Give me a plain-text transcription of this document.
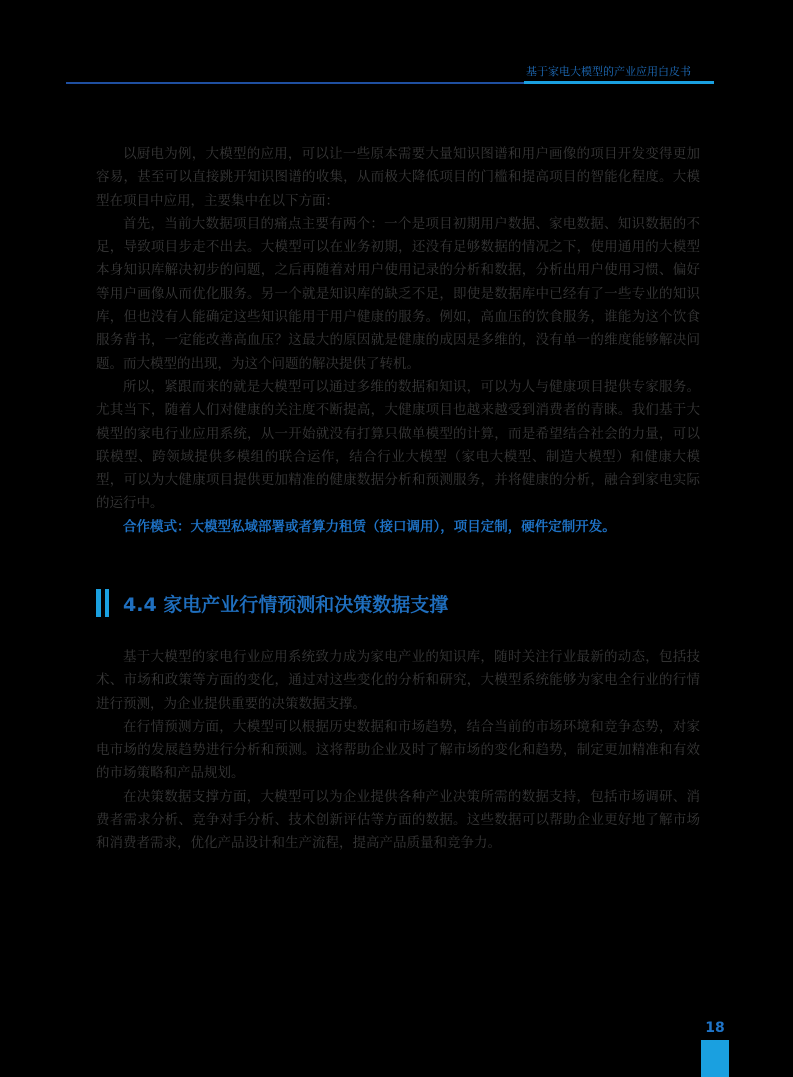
基于家电大模型的产业应用白皮书

以厨电为例，大模型的应用，可以让一些原本需要大量知识图谱和用户画像的项目开发变得更加容易，甚至可以直接跳开知识图谱的收集，从而极大降低项目的门槛和提高项目的智能化程度。大模型在项目中应用，主要集中在以下方面：

首先，当前大数据项目的痛点主要有两个：一个是项目初期用户数据、家电数据、知识数据的不足，导致项目步走不出去。大模型可以在业务初期，还没有足够数据的情况之下，使用通用的大模型本身知识库解决初步的问题，之后再随着对用户使用记录的分析和数据，分析出用户使用习惯、偏好等用户画像从而优化服务。另一个就是知识库的缺乏不足，即使是数据库中已经有了一些专业的知识库，但也没有人能确定这些知识能用于用户健康的服务。例如，高血压的饮食服务，谁能为这个饮食服务背书，一定能改善高血压？这最大的原因就是健康的成因是多维的，没有单一的维度能够解决问题。而大模型的出现，为这个问题的解决提供了转机。

所以，紧跟而来的就是大模型可以通过多维的数据和知识，可以为人与健康项目提供专家服务。尤其当下，随着人们对健康的关注度不断提高，大健康项目也越来越受到消费者的青睐。我们基于大模型的家电行业应用系统，从一开始就没有打算只做单模型的计算，而是希望结合社会的力量，可以联模型、跨领域提供多模组的联合运作，结合行业大模型（家电大模型、制造大模型）和健康大模型，可以为大健康项目提供更加精准的健康数据分析和预测服务，并将健康的分析，融合到家电实际的运行中。

合作模式：大模型私域部署或者算力租赁（接口调用），项目定制，硬件定制开发。

4.4 家电产业行情预测和决策数据支撑

基于大模型的家电行业应用系统致力成为家电产业的知识库，随时关注行业最新的动态，包括技术、市场和政策等方面的变化，通过对这些变化的分析和研究，大模型系统能够为家电全行业的行情进行预测，为企业提供重要的决策数据支撑。

在行情预测方面，大模型可以根据历史数据和市场趋势，结合当前的市场环境和竞争态势，对家电市场的发展趋势进行分析和预测。这将帮助企业及时了解市场的变化和趋势，制定更加精准和有效的市场策略和产品规划。

在决策数据支撑方面，大模型可以为企业提供各种产业决策所需的数据支持，包括市场调研、消费者需求分析、竞争对手分析、技术创新评估等方面的数据。这些数据可以帮助企业更好地了解市场和消费者需求，优化产品设计和生产流程，提高产品质量和竞争力。

18
